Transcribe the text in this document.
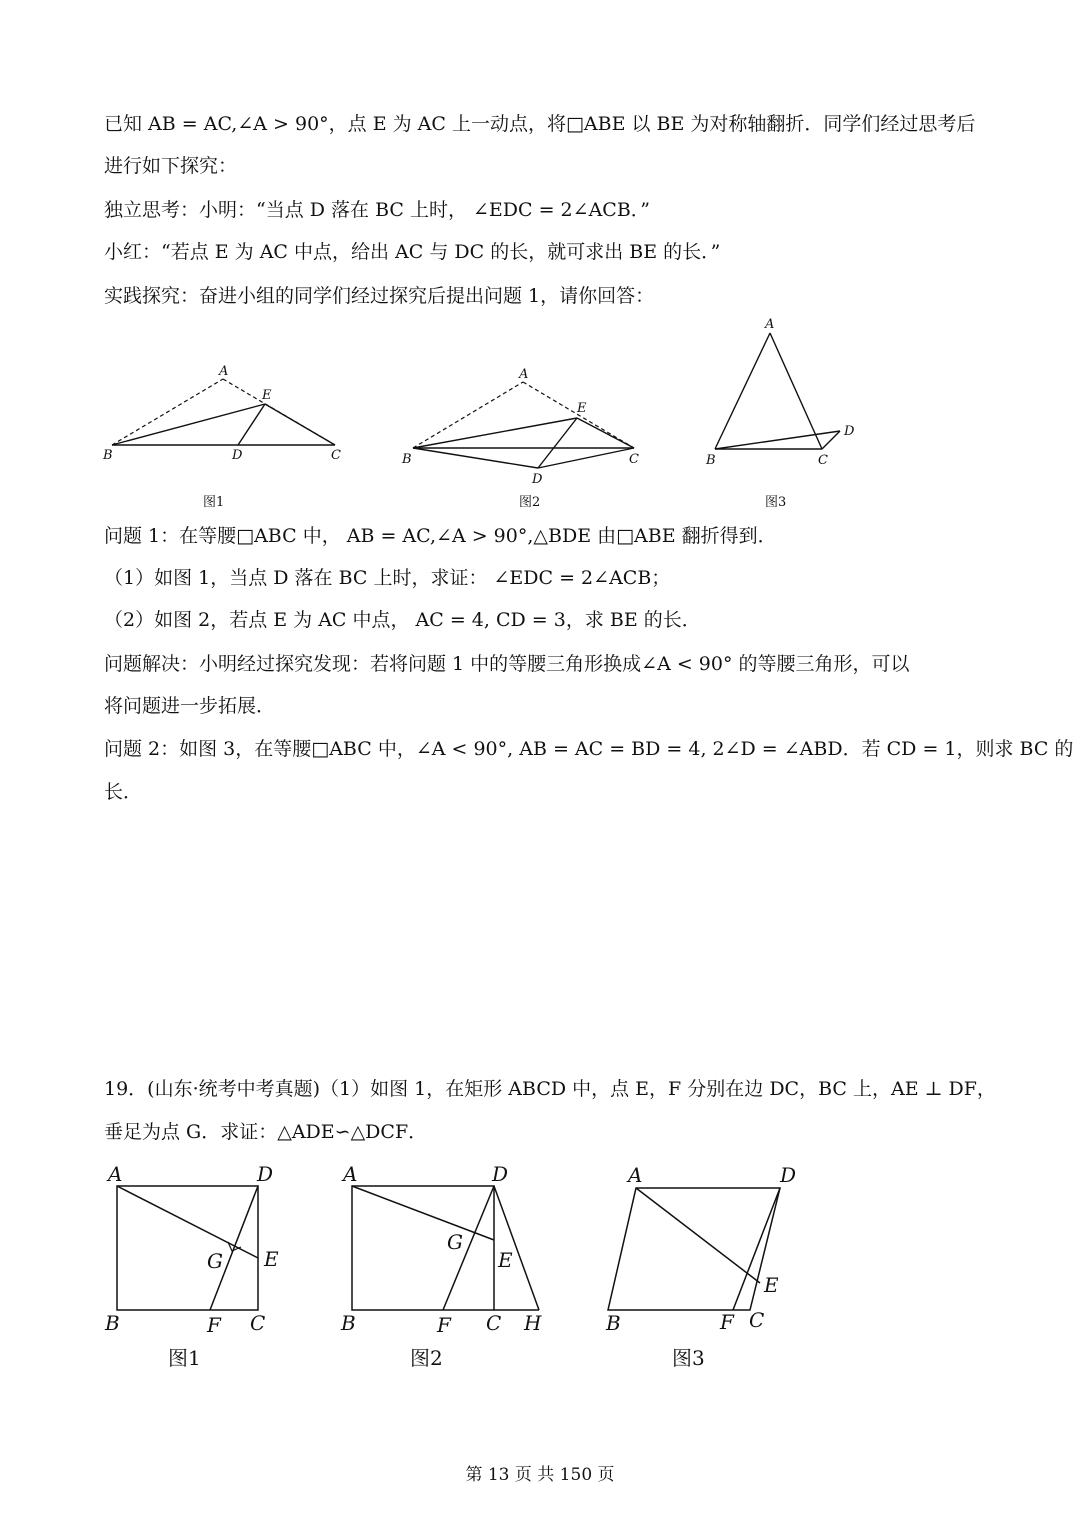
已知 AB = AC,∠A > 90°，点 E 为 AC 上一动点，将□ABE 以 BE 为对称轴翻折．同学们经过思考后
进行如下探究：
独立思考：小明：“当点 D 落在 BC 上时， ∠EDC = 2∠ACB．”
小红：“若点 E 为 AC 中点，给出 AC 与 DC 的长，就可求出 BE 的长．”
实践探究：奋进小组的同学们经过探究后提出问题 1，请你回答：
A
E
B	D	C
图1
A
E
B
D
C
图2
A
D
B	C
图3
问题 1：在等腰□ABC 中， AB = AC,∠A > 90°,△BDE 由□ABE 翻折得到．
（1）如图 1，当点 D 落在 BC 上时，求证： ∠EDC = 2∠ACB；
（2）如图 2，若点 E 为 AC 中点， AC = 4, CD = 3，求 BE 的长．
问题解决：小明经过探究发现：若将问题 1 中的等腰三角形换成∠A < 90° 的等腰三角形，可以
将问题进一步拓展．
问题 2：如图 3，在等腰□ABC 中，∠A < 90°, AB = AC = BD = 4, 2∠D = ∠ABD．若 CD = 1，则求 BC 的
长．
19．(山东·统考中考真题)（1）如图 1，在矩形 ABCD 中，点 E，F 分别在边 DC，BC 上，AE ⊥ DF，
垂足为点 G．求证：△ADE∽△DCF．
A	D
G E
B	F C
图1
A	D
G
E
B	F C H
图2
A	D
E
B	F C
图3
第 13 页 共 150 页
